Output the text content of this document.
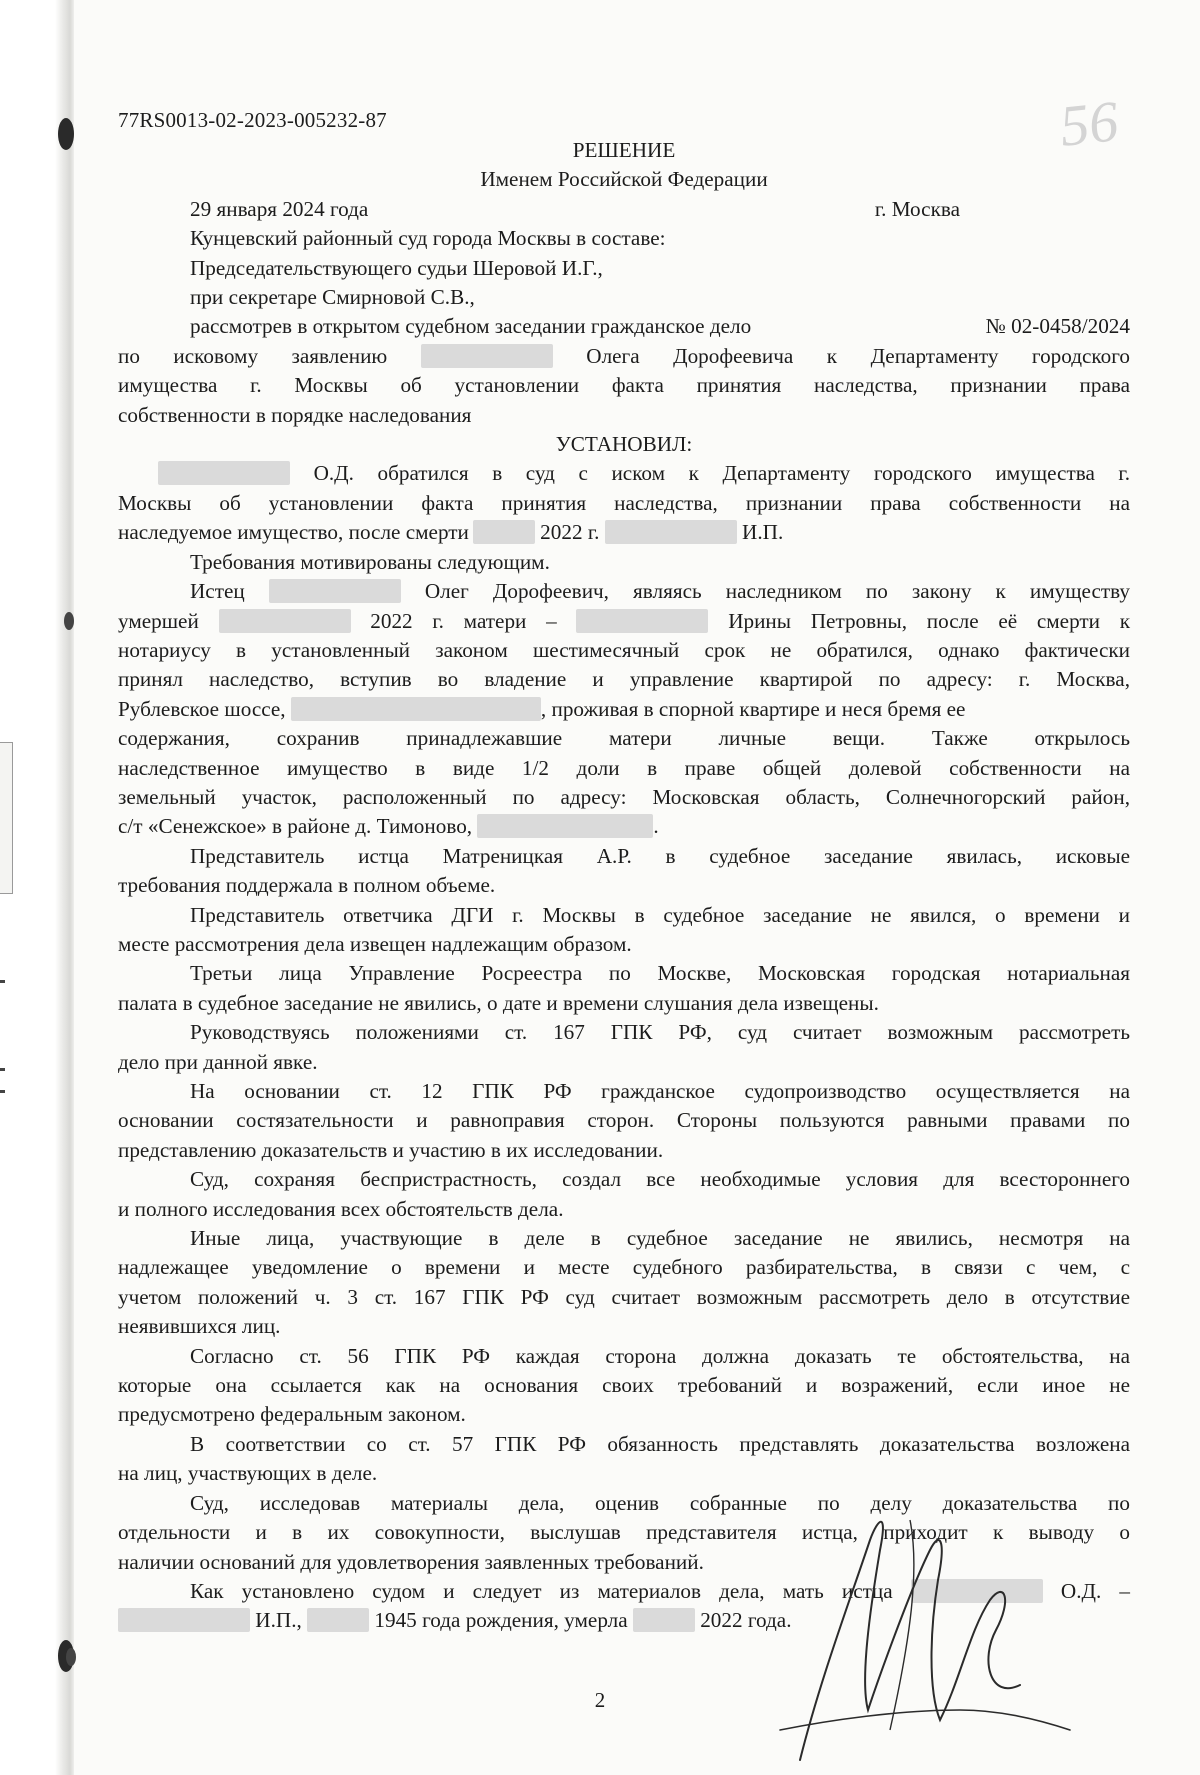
56
77RS0013-02-2023-005232-87

РЕШЕНИЕ

Именем Российской Федерации

29 января 2024 года	г. Москва

Кунцевский районный суд города Москвы в составе:

Председательствующего судьи Шеровой И.Г.,

при секретаре Смирновой С.В.,

рассмотрев в открытом судебном заседании гражданское дело	№ 02-0458/2024

по исковому заявлению	Олега Дорофеевича к Департаменту городского

имущества г. Москвы об установлении факта принятия наследства, признании права

собственности в порядке наследования

УСТАНОВИЛ:

О.Д. обратился в суд с иском к Департаменту городского имущества г.

Москвы об установлении факта принятия наследства, признании права собственности на

наследуемое имущество, после смерти	2022 г.	И.П.

Требования мотивированы следующим.

Истец	Олег Дорофеевич, являясь наследником по закону к имуществу

умершей	2022 г. матери –	Ирины Петровны, после её смерти к

нотариусу в установленный законом шестимесячный срок не обратился, однако фактически

принял наследство, вступив во владение и управление квартирой по адресу: г. Москва,

Рублевское шоссе,	, проживая в спорной квартире и неся бремя ее

содержания, сохранив принадлежавшие матери личные вещи. Также открылось

наследственное имущество в виде 1/2 доли в праве общей долевой собственности на

земельный участок, расположенный по адресу: Московская область, Солнечногорский район,

с/т «Сенежское» в районе д. Тимоново,	.

Представитель истца Матреницкая А.Р. в судебное заседание явилась, исковые

требования поддержала в полном объеме.

Представитель ответчика ДГИ г. Москвы в судебное заседание не явился, о времени и

месте рассмотрения дела извещен надлежащим образом.

Третьи лица Управление Росреестра по Москве, Московская городская нотариальная

палата в судебное заседание не явились, о дате и времени слушания дела извещены.

Руководствуясь положениями ст. 167 ГПК РФ, суд считает возможным рассмотреть

дело при данной явке.

На основании ст. 12 ГПК РФ гражданское судопроизводство осуществляется на

основании состязательности и равноправия сторон. Стороны пользуются равными правами по

представлению доказательств и участию в их исследовании.

Суд, сохраняя беспристрастность, создал все необходимые условия для всестороннего

и полного исследования всех обстоятельств дела.

Иные лица, участвующие в деле в судебное заседание не явились, несмотря на

надлежащее уведомление о времени и месте судебного разбирательства, в связи с чем, с

учетом положений ч. 3 ст. 167 ГПК РФ суд считает возможным рассмотреть дело в отсутствие

неявившихся лиц.

Согласно ст. 56 ГПК РФ каждая сторона должна доказать те обстоятельства, на

которые она ссылается как на основания своих требований и возражений, если иное не

предусмотрено федеральным законом.

В соответствии со ст. 57 ГПК РФ обязанность представлять доказательства возложена

на лиц, участвующих в деле.

Суд, исследовав материалы дела, оценив собранные по делу доказательства по

отдельности и в их совокупности, выслушав представителя истца, приходит к выводу о

наличии оснований для удовлетворения заявленных требований.

Как установлено судом и следует из материалов дела, мать истца	О.Д. –

И.П.,	1945 года рождения, умерла	2022 года.

2
